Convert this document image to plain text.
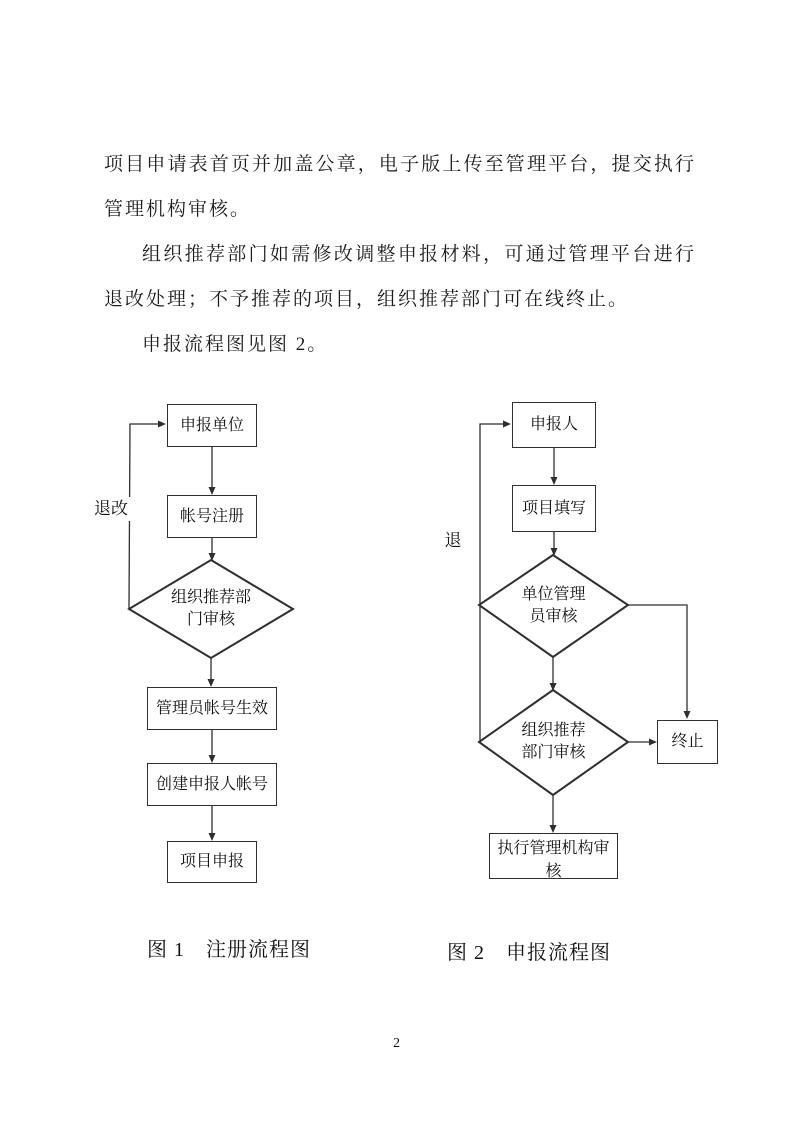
项目申请表首页并加盖公章，电子版上传至管理平台，提交执行管理机构审核。

组织推荐部门如需修改调整申报材料，可通过管理平台进行退改处理；不予推荐的项目，组织推荐部门可在线终止。

申报流程图见图 2。

申报单位
帐号注册
组织推荐部门审核
管理员帐号生效
创建申报人帐号
项目申报
退改
图 1　注册流程图
申报人
项目填写
单位管理员审核
组织推荐部门审核
执行管理机构审核
终止
退
图 2　申报流程图
2
